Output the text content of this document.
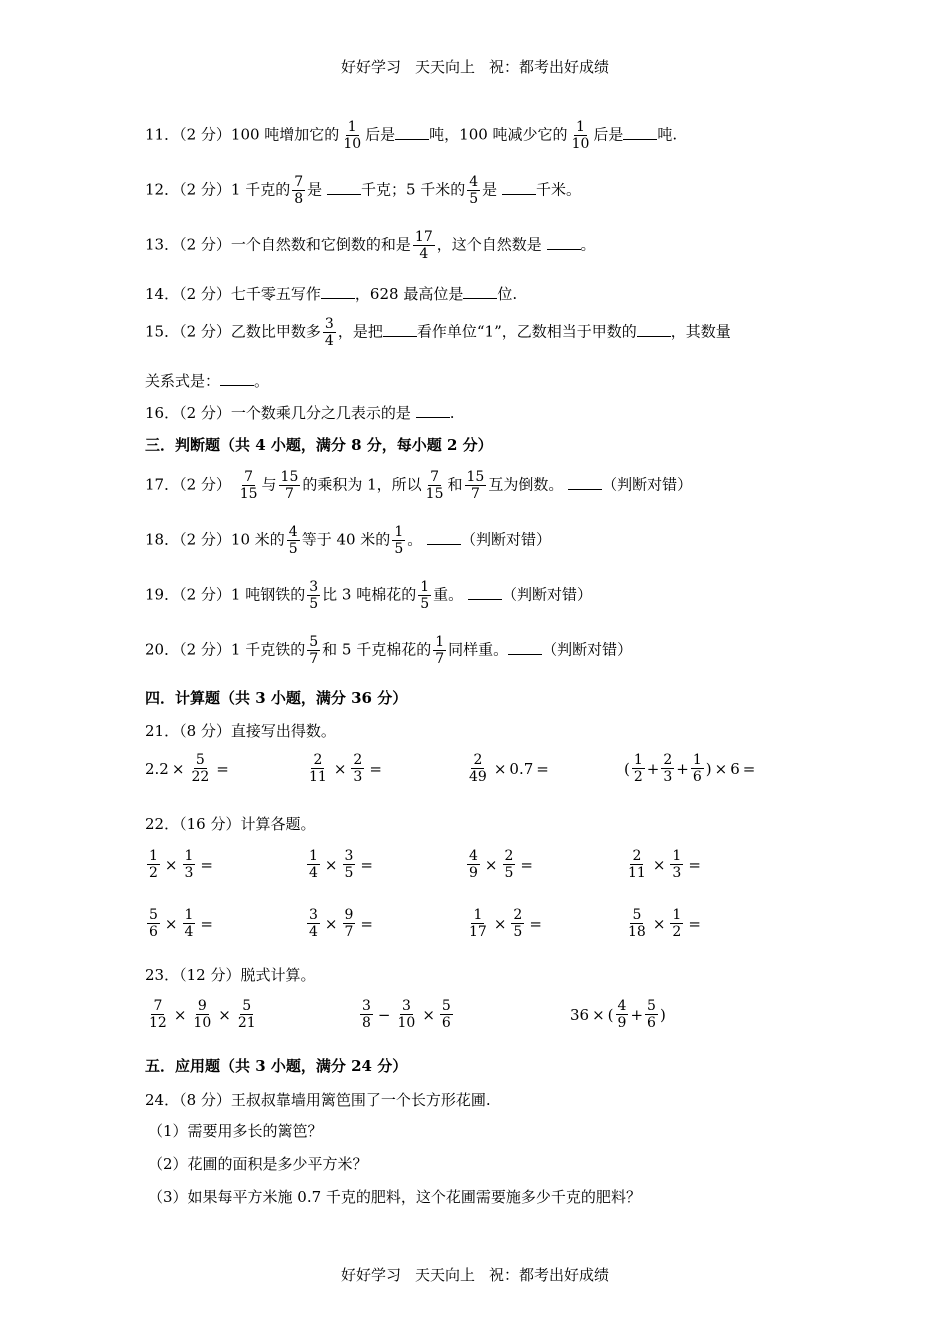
好好学习 天天向上 祝：都考出好成绩
11．（2 分）100 吨增加它的 $\frac{1}{10}$ 后是 吨，100 吨减少它的 $\frac{1}{10}$ 后是 吨.
12．（2 分）1 千克的 $\frac{7}{8}$ 是	千克；5 千米的 $\frac{4}{5}$ 是	千米。
13．（2 分）一个自然数和它倒数的和是 $\frac{17}{4}$ ，这个自然数是	。
14．（2 分）七千零五写作 ，628 最高位是 位.
15．（2 分）乙数比甲数多 $\frac{3}{4}$ ，是把 看作单位“1”，乙数相当于甲数的 ，其数量
关系式是： 。
16．（2 分）一个数乘几分之几表示的是	.
三．判断题（共 4 小题，满分 8 分，每小题 2 分）
17．（2 分） $\frac{7}{15}$ 与 $\frac{15}{7}$ 的乘积为 1，所以 $\frac{7}{15}$ 和 $\frac{15}{7}$ 互为倒数。	（判断对错）
18．（2 分）10 米的 $\frac{4}{5}$ 等于 40 米的 $\frac{1}{5}$ 。	（判断对错）
19．（2 分）1 吨钢铁的 $\frac{3}{5}$ 比 3 吨棉花的 $\frac{1}{5}$ 重。	（判断对错）
20．（2 分）1 千克铁的 $\frac{5}{7}$ 和 5 千克棉花的 $\frac{1}{7}$ 同样重。 （判断对错）
四．计算题（共 3 小题，满分 36 分）
21．（8 分）直接写出得数。
$2.2 \times \frac{5}{22}$ =	$\frac{2}{11} \times \frac{2}{3}$ =	$\frac{2}{49} \times 0.7$ =	( $\frac{1}{2} + \frac{2}{3} + \frac{1}{6}$ ) × 6 =
22．（16 分）计算各题。
$\frac{1}{2} \times \frac{1}{3}$ =	$\frac{1}{4} \times \frac{3}{5}$ =	$\frac{4}{9} \times \frac{2}{5}$ =	$\frac{2}{11} \times \frac{1}{3}$ =
$\frac{5}{6} \times \frac{1}{4}$ =	$\frac{3}{4} \times \frac{9}{7}$ =	$\frac{1}{17} \times \frac{2}{5}$ =	$\frac{5}{18} \times \frac{1}{2}$ =
23．（12 分）脱式计算。
$\frac{7}{12} \times \frac{9}{10} \times \frac{5}{21}$	$\frac{3}{8} - \frac{3}{10} \times \frac{5}{6}$	36 × ( $\frac{4}{9} + \frac{5}{6}$ )
五．应用题（共 3 小题，满分 24 分）
24．（8 分）王叔叔靠墙用篱笆围了一个长方形花圃.
（1）需要用多长的篱笆？
（2）花圃的面积是多少平方米？
（3）如果每平方米施 0.7 千克的肥料，这个花圃需要施多少千克的肥料？
好好学习 天天向上 祝：都考出好成绩
